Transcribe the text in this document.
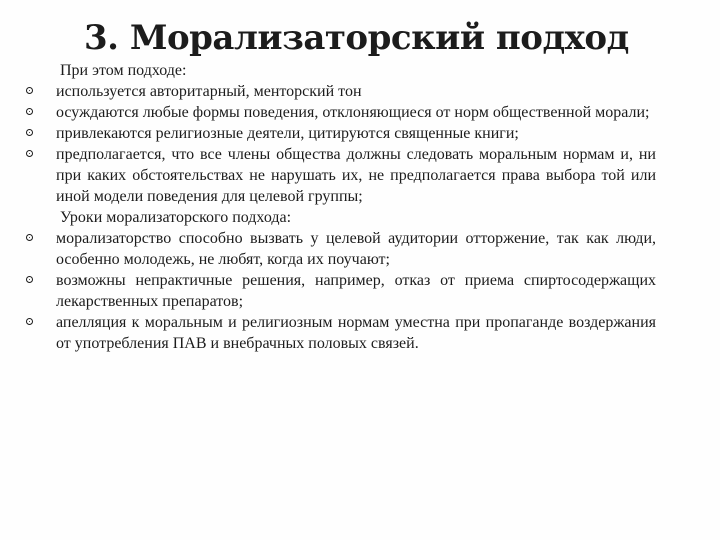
3. Морализаторский подход
При этом подходе:
используется авторитарный, менторский тон
осуждаются любые формы поведения, отклоняющиеся от норм общественной морали;
привлекаются религиозные деятели, цитируются священные книги;
предполагается, что все члены общества должны следовать моральным нормам и, ни при каких обстоятельствах не нарушать их, не предполагается права выбора той или иной модели поведения для целевой группы;
Уроки морализаторского подхода:
морализаторство способно вызвать у целевой аудитории отторжение, так как люди, особенно молодежь, не любят, когда их поучают;
возможны непрактичные решения, например, отказ от приема спиртосодержащих лекарственных препаратов;
апелляция к моральным и религиозным нормам уместна при пропаганде воздержания от употребления ПАВ и внебрачных половых связей.
